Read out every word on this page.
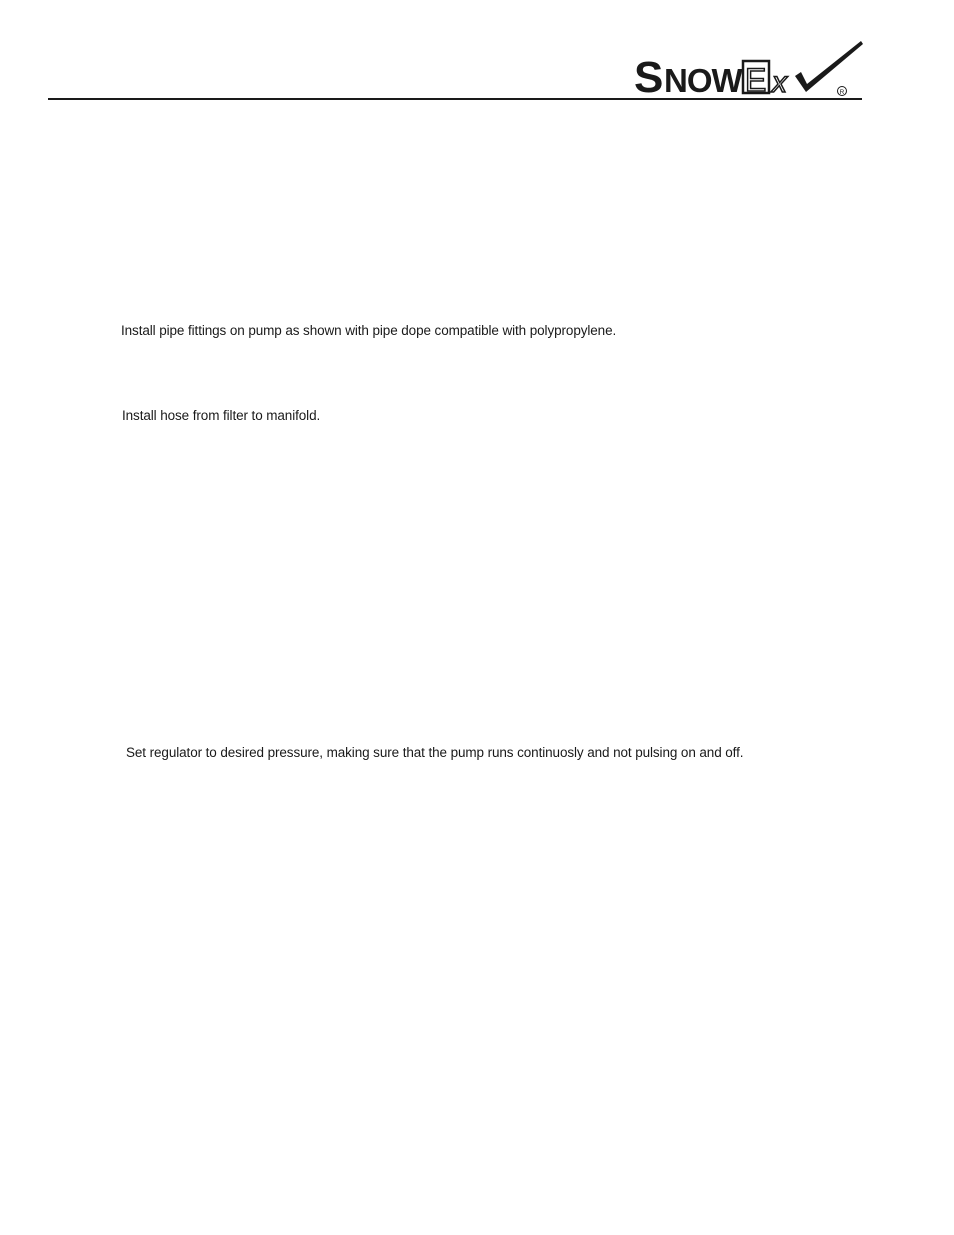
S NOW E x	R

Install pipe fittings on pump as shown with pipe dope compatible with polypropylene.

Install hose from filter to manifold.

Set regulator to desired pressure, making sure that the pump runs continuosly and not pulsing on and off.
